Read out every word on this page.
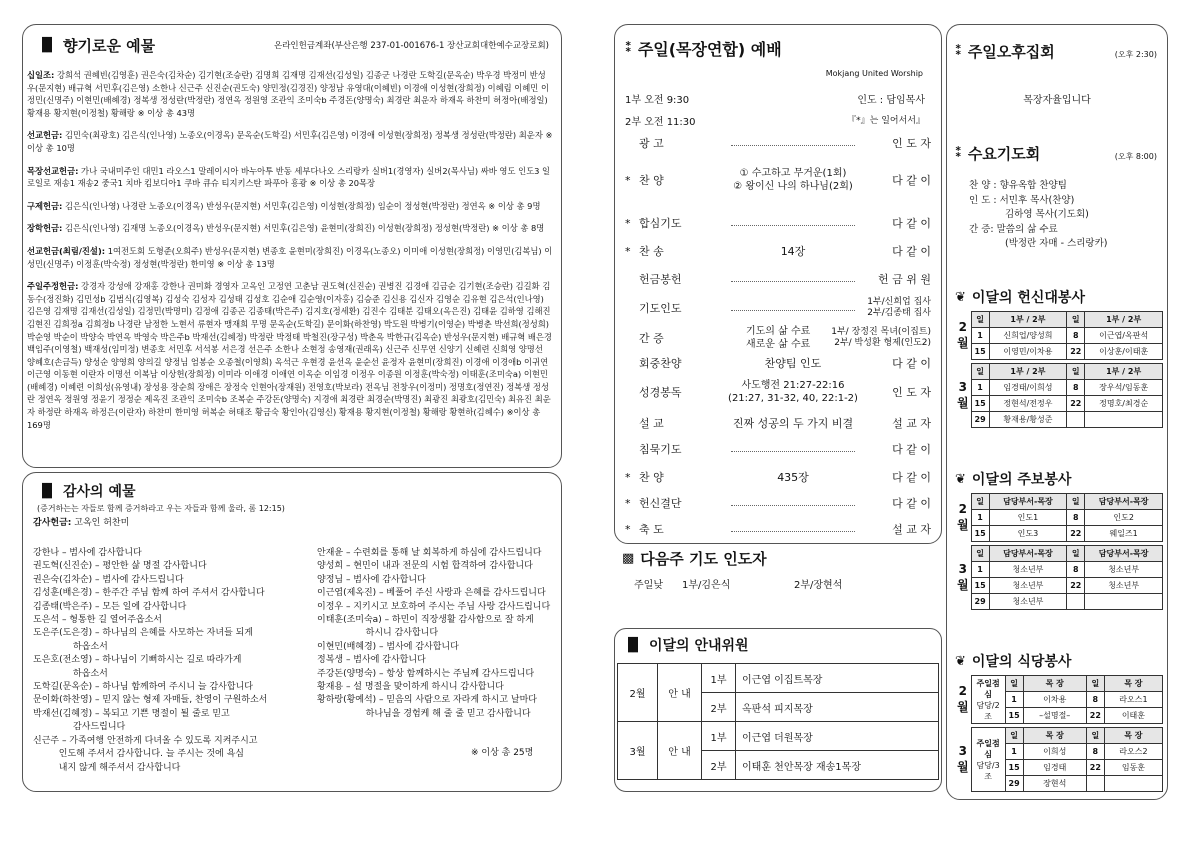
▐▌ 향기로운 예물	온라인헌금계좌(부산은행 237-01-001676-1 장산교회대한예수교장로회)
십일조: 강희석 권혜빈(김영훈) 권은숙(김차순) 김기현(조승란) 김명희 김재명 김재선(김성일) 김종군 나경란 도학길(문옥순) 박우경 박정미 반성우(문지현) 배규혁 서민후(김은영) 소한나 신근주 신진순(권도숙) 양민정(김경진) 양정남 유영대(이혜빈) 이경애 이성현(장희정) 이혜림 이혜민 이정민(신명주) 이현민(배혜경) 정복생 정성란(박정란) 정연옥 정원영 조관익 조미숙b 주경돈(양명숙) 최경란 최운자 하재옥 하찬미 허정아(배정일) 황재용 황지현(이정철) 황해랑 ※ 이상 총 43명
선교헌금: 김민숙(최광호) 김은식(인나영) 노종오(이경옥) 문옥순(도학길) 서민후(김은영) 이경애 이성현(장희정) 정복생 정성란(박정란) 최운자 ※ 이상 총 10명
목장선교헌금: 가나 국내미주인 대민1 라오스1 말레이시아 바누아투 반동 세부다나오 스리랑카 실버1(경영자) 실버2(목사님) 싸바 영도 인도3 일로일로 재송1 재송2 중국1 치바 킴보디아1 쿠바 큐슈 티지키스탄 파푸아 흥광 ※ 이상 총 20목장
구제헌금: 김은식(인나영) 나경란 노종오(이경옥) 반성우(문지현) 서민후(김은영) 이성현(장희정) 임순이 정성현(박정란) 정연옥 ※ 이상 총 9명
장학헌금: 김은식(인나영) 김재명 노종오(이경옥) 반성우(문지현) 서민후(김은영) 윤현미(장희진) 이성현(장희정) 정성현(박정란) ※ 이상 총 8명
선교헌금(최림/진설): 1여전도회 도형준(오희주) 반성우(문지현) 변종호 윤현미(장희진) 이경옥(노종오) 이미애 이성현(장희정) 이영민(김복님) 이성민(신명주) 이정훈(박숙정) 정성현(박정란) 한미영 ※ 이상 총 13명
주일주정헌금: 강경자 강성애 강재홍 강한나 권미화 경영자 고옥인 고정연 고춘남 권도혁(신진순) 권병진 김경애 김금순 김기현(조승란) 김길화 김동수(정진화) 김민성b 김범식(김영복) 김성숙 김성자 김성태 김성호 김순애 김순영(이자홍) 김승준 김신용 김신자 김영순 김유현 김은석(인나영) 김은영 김재명 김재선(김성일) 김정민(박명미) 김정애 김종곤 김종태(박은주) 김지호(정세환) 김진수 김태분 김태오(옥은진) 김태윤 김하영 김해진 김현진 김희정a 김희정b 나경란 남정한 노현서 류현자 맹재희 무명 문옥순(도학길) 문이화(하찬영) 박도원 박병기(이영순) 박병춘 박선희(정성희) 박순영 박순이 박양숙 박연옥 박영숙 박은주b 박재선(김혜정) 박정란 박정태 박철진(장구성) 박춘옥 박한규(김옥순) 반성우(문지현) 배규혁 배은경 백임주(이영철) 백재성(임미정) 변종호 서민후 서석봉 서은경 선은주 소한나 소현정 송영재(권래옥) 신근주 신무연 신양기 신혜련 신희영 양명선 양혜호(손금득) 양성순 양영희 양의길 양정님 엄봉순 오종철(이영희) 옥석근 우현경 윤선옥 윤순선 윤정자 윤현미(장희진) 이경애 이경애b 이귀연 이근영 이동현 이란자 이명선 이복남 이상헌(장희정) 이미라 이애경 이애연 이옥순 이임경 이정우 이종원 이정훈(박숙정) 이태훈(조미숙a) 이현민(배혜경) 이혜련 이희성(유영내) 장성용 장순희 장애은 장정숙 인현아(장재원) 전영호(박보라) 전옥님 전창우(이정미) 정명호(정연진) 정복생 정성란 정연옥 정원영 정윤기 정정순 제옥진 조관익 조미숙b 조복순 주강돈(양명숙) 지경애 최경란 최경순(박명진) 최광진 최광호(김민숙) 최유진 최운자 하정란 하재옥 하정은(이란자) 하찬미 한미영 허복순 허태조 황금숙 황인아(김영신) 황재용 황지현(이정철) 황해랑 황현하(김혜수) ※이상 총 169명
▐▌ 감사의 예물
(증거하는는 자들로 함께 증거하라고 우는 자들과 함께 울라, 롬 12:15)
감사헌금: 고옥인 허찬미
강한나 – 범사에 감사합니다
권도혁(신진순) – 평안한 삶 명절 감사합니다
권은숙(김차순) – 범사에 감사드립니다
김성훈(배은경) – 한주간 주님 함께 하여 주셔서 감사합니다
김종태(박은주) – 모든 일에 감사합니다
도은석 – 형통한 길 열어주옵소서
도은주(도은경) – 하나님의 은혜를 사모하는 자녀들 되게
하옵소서
도은호(전소영) – 하나님이 기뻐하시는 길로 따라가게
하옵소서
도학길(문옥순) – 하나님 함께하여 주시니 늘 감사합니다
문이화(하찬영) – 믿지 않는 형제 자매들, 찬영이 구원하소서
박재선(김혜정) – 복되고 기쁜 명절이 될 줄로 믿고
감사드립니다
신근주 – 가족여행 안전하게 다녀올 수 있도록 지켜주시고
인도해 주셔서 감사합니다. 늘 주시는 것에 욕심
내지 않게 해주셔서 감사합니다
안재윤 – 수련회를 통해 날 회복하게 하심에 감사드립니다
양성희 – 현민이 내과 전문의 시험 합격하여 감사합니다
양정님 – 범사에 감사합니다
이근엽(제옥진) – 베풀어 주신 사랑과 은혜를 감사드립니다
이정우 – 지키시고 보호하여 주시는 주님 사랑 감사드립니다
이태훈(조미숙a) – 하민이 직장생활 감사함으로 잘 하게
하시니 감사합니다
이현민(배혜경) – 범사에 감사합니다
정복생 – 범사에 감사합니다
주강돈(양명숙) – 항상 함께하시는 주님께 감사드립니다
황재용 – 설 명절을 맞이하게 하시니 감사합니다
황하랑(황예석) – 믿음의 사람으로 자라게 하시고 날마다
하나님을 경험케 해 줄 줄 믿고 감사합니다
※ 이상 총 25명
⁑ 주일(목장연합) 예배
Mokjang United Worship
1부 오전 9:30	인도 : 담임목사
2부 오전 11:30	『*』는 일어서서』
광 고	인 도 자
* 찬 양
① 수고하고 무거운(1회)
② 왕이신 나의 하나님(2회)	다 같 이
* 합심기도	다 같 이
* 찬 송	14장	다 같 이
헌금봉헌	헌 금 위 원
기도인도	1부/신희업 집사
2부/김종태 집사
간 증
기도의 삶 수료
새로운 삶 수료
1부/ 장정진 목녀(이집트)
2부/ 박성환 형제(인도2)
회중찬양	찬양팀 인도	다 같 이
성경봉독
사도행전 21:27-22:16
(21:27, 31-32, 40, 22:1-2)	인 도 자
설 교	진짜 성공의 두 가지 비결	설 교 자
침묵기도	다 같 이
* 찬 양	435장	다 같 이
* 헌신결단	다 같 이
* 축 도	설 교 자
▩ 다음주 기도 인도자
주일낮 1부/김은식	2부/장현석
▐▌ 이달의 안내위원
2월	안 내	1부	이근엽 이집트목장
		2부	옥판석 피지목장
3월	안 내	1부	이근엽 더원목장
		2부	이태훈 천안목장 재송1목장
⁑ 주일오후집회	(오후 2:30)
목장자율입니다
⁑ 수요기도회	(오후 8:00)
찬 양 : 향유옥합 찬양팀
인 도 : 서민후 목사(찬양)
김하영 목사(기도회)
간 증: 말씀의 삶 수료
(박정란 자매 - 스리랑카)
❦ 이달의 헌신대봉사
2월	일	1부 / 2부	일	1부 / 2부
	1	신희업/양성희	8	이근엽/옥판석
	15	이영민/이차용	22	이상훈/이태훈

3월	일	1부 / 2부	일	1부 / 2부
	1	임경태/이희성	8	장우석/임동훈
	15	정현석/전정우	22	정명호/최경순
	29	황재용/황성준		

❦ 이달의 주보봉사
2월	일	담당부서-목장	일	담당부서-목장
	1	인도1	8	인도2
	15	인도3	22	웨일즈1

3월	일	담당부서-목장	일	담당부서-목장
	1	청소년부	8	청소년부
	15	청소년부	22	청소년부
	29	청소년부		

❦ 이달의 식당봉사
2월	주일점심
담당/2조	일	목 장	일	목 장
		1	이차용	8	라오스1
		15	–설명절–	22	이태훈

3월	주일점심
담당/3조	일	목 장	일	목 장
		1	이희성	8	라오스2
		15	임경태	22	임동훈
		29	장현석		
